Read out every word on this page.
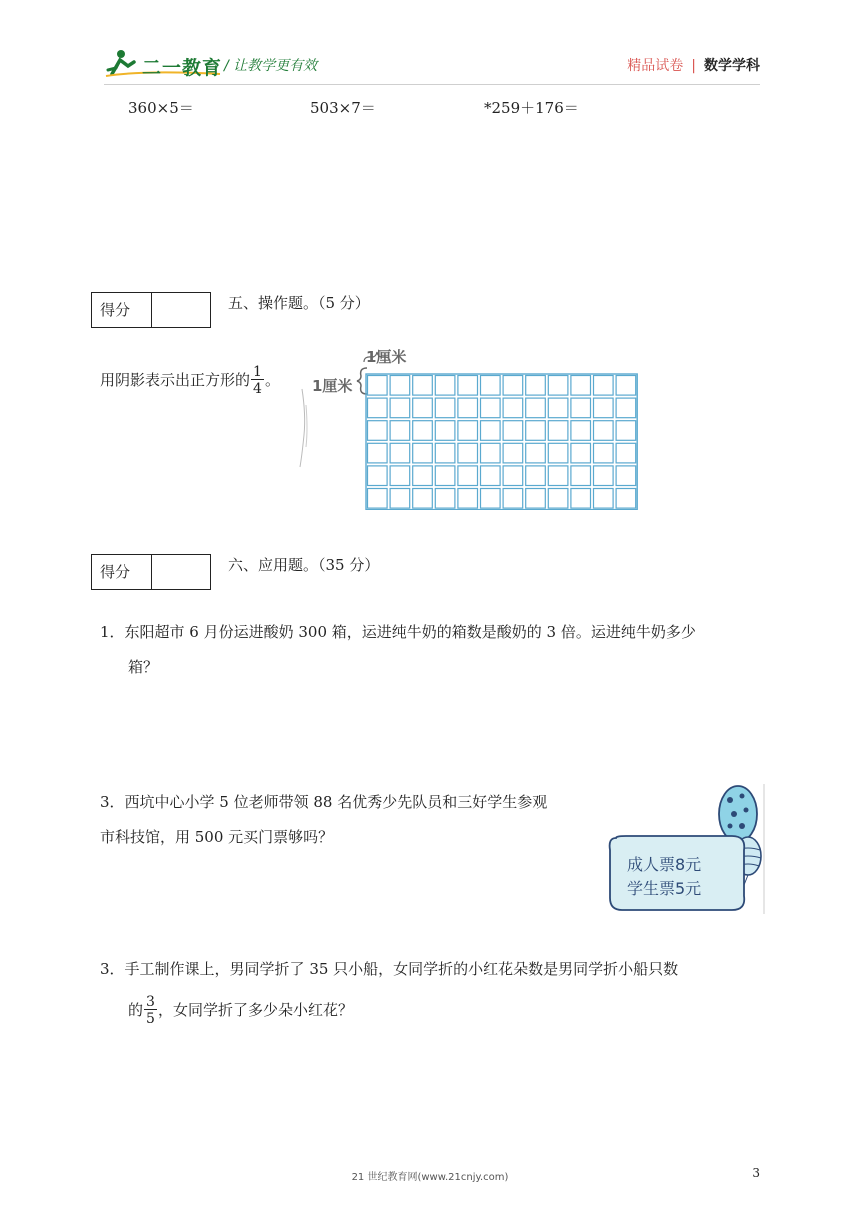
二一教育 / 让教学更有效	精品试卷 | 数学学科
360×5＝	503×7＝	*259＋176＝
得分	五、操作题。（5 分）
用阴影表示出正方形的 $\frac{1}{4}$ 。
1厘米
1厘米
得分	六、应用题。（35 分）
1．东阳超市 6 月份运进酸奶 300 箱，运进纯牛奶的箱数是酸奶的 3 倍。运进纯牛奶多少
箱？
3．西坑中心小学 5 位老师带领 88 名优秀少先队员和三好学生参观
市科技馆，用 500 元买门票够吗？
成人票8元
学生票5元
3．手工制作课上，男同学折了 35 只小船，女同学折的小红花朵数是男同学折小船只数
的 $\frac{3}{5}$ ，女同学折了多少朵小红花？
21 世纪教育网(www.21cnjy.com)	3
